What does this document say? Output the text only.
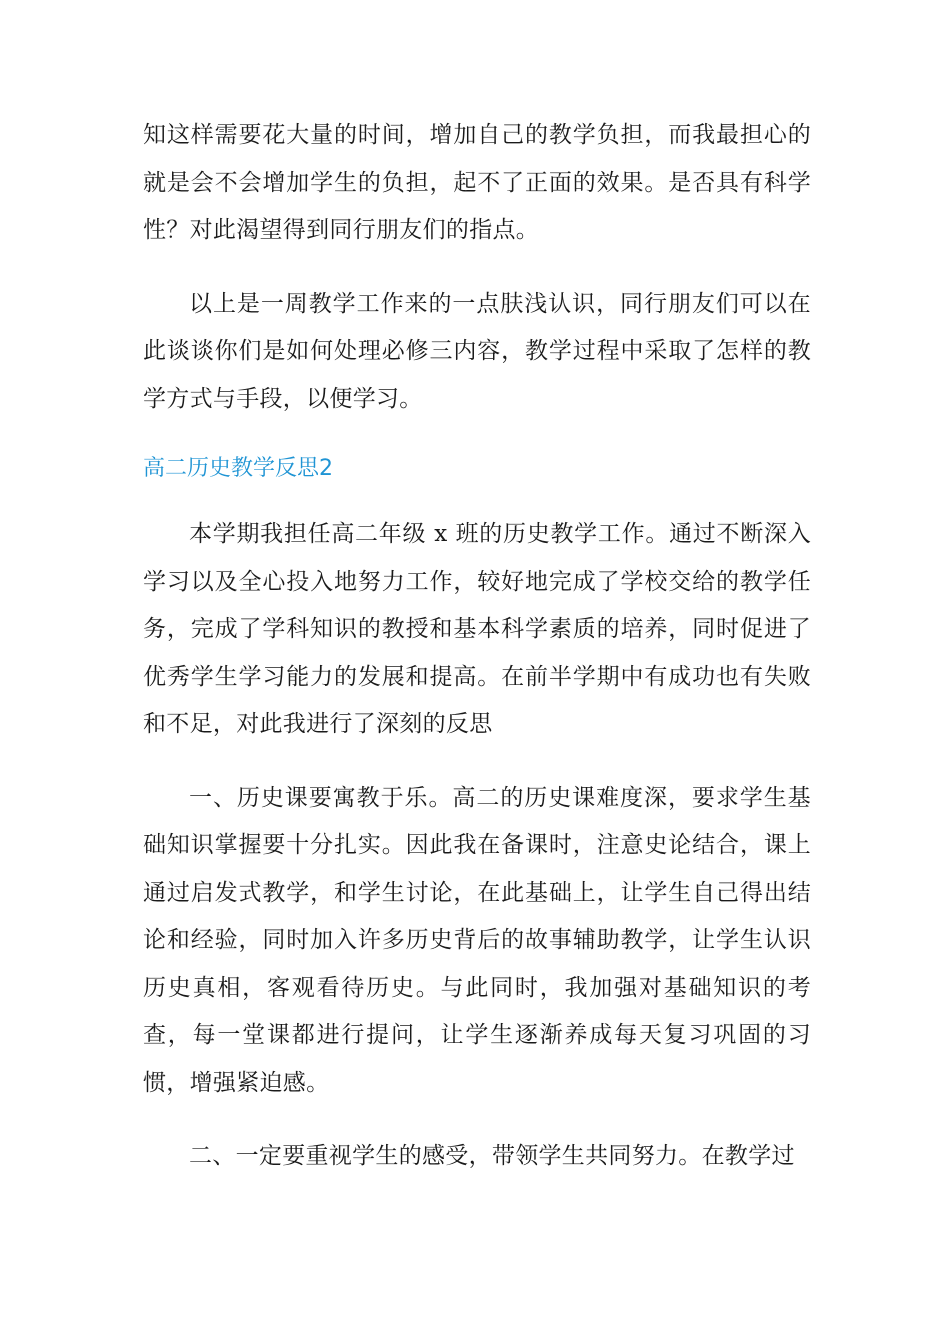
知这样需要花大量的时间，增加自己的教学负担，而我最担心的就是会不会增加学生的负担，起不了正面的效果。是否具有科学性？对此渴望得到同行朋友们的指点。

以上是一周教学工作来的一点肤浅认识，同行朋友们可以在此谈谈你们是如何处理必修三内容，教学过程中采取了怎样的教学方式与手段，以便学习。

高二历史教学反思2

本学期我担任高二年级 x 班的历史教学工作。通过不断深入学习以及全心投入地努力工作，较好地完成了学校交给的教学任务，完成了学科知识的教授和基本科学素质的培养，同时促进了优秀学生学习能力的发展和提高。在前半学期中有成功也有失败和不足，对此我进行了深刻的反思

一、历史课要寓教于乐。高二的历史课难度深，要求学生基础知识掌握要十分扎实。因此我在备课时，注意史论结合，课上通过启发式教学，和学生讨论，在此基础上，让学生自己得出结论和经验，同时加入许多历史背后的故事辅助教学，让学生认识历史真相，客观看待历史。与此同时，我加强对基础知识的考查，每一堂课都进行提问，让学生逐渐养成每天复习巩固的习惯，增强紧迫感。

二、一定要重视学生的感受，带领学生共同努力。在教学过
